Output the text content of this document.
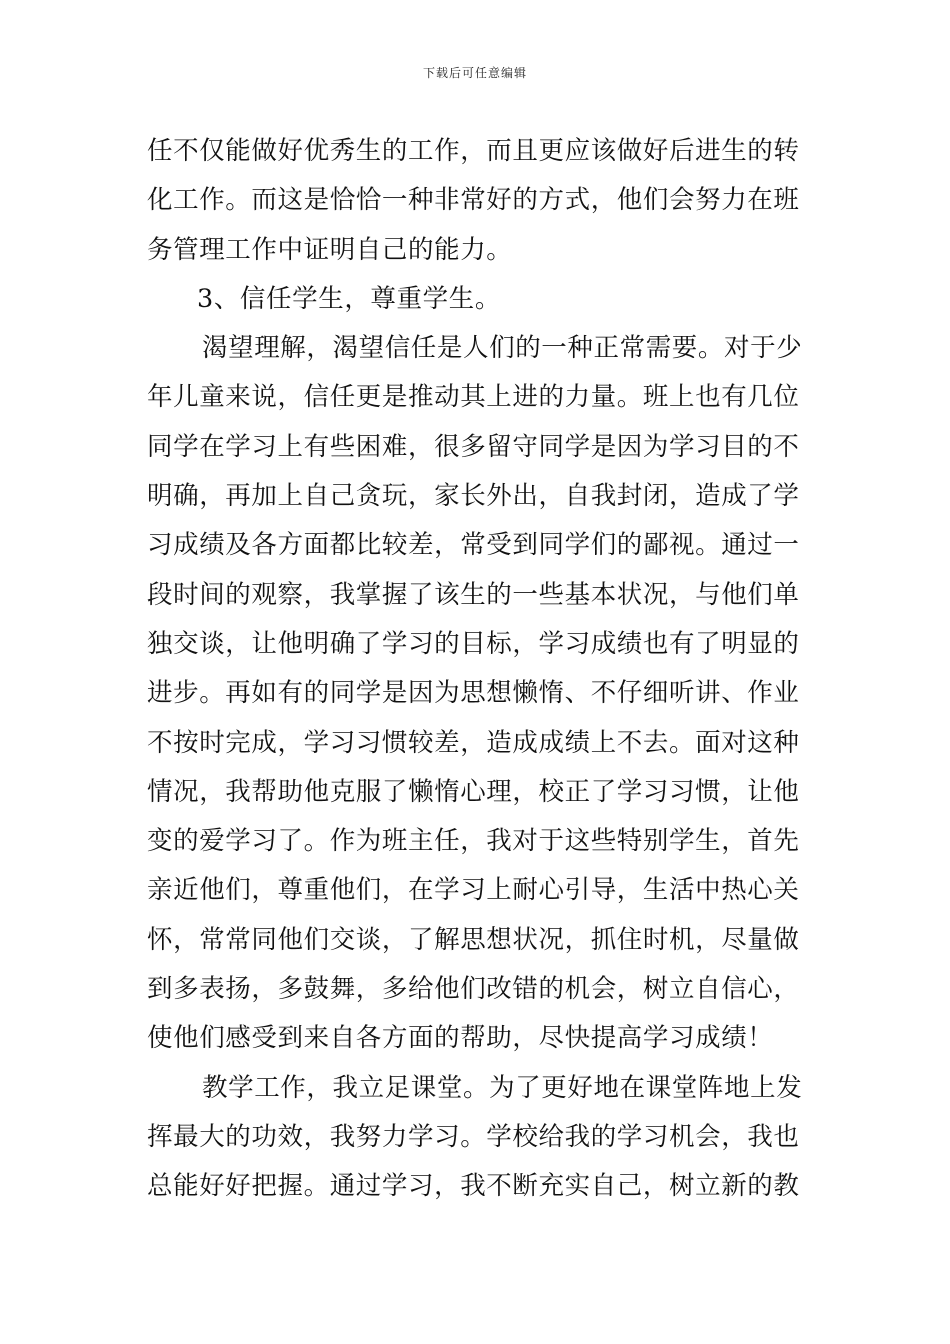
下载后可任意编辑
任不仅能做好优秀生的工作，而且更应该做好后进生的转
化工作。而这是恰恰一种非常好的方式，他们会努力在班
务管理工作中证明自己的能力。
3、信任学生，尊重学生。
渴望理解，渴望信任是人们的一种正常需要。对于少
年儿童来说，信任更是推动其上进的力量。班上也有几位
同学在学习上有些困难，很多留守同学是因为学习目的不
明确，再加上自己贪玩，家长外出，自我封闭，造成了学
习成绩及各方面都比较差，常受到同学们的鄙视。通过一
段时间的观察，我掌握了该生的一些基本状况，与他们单
独交谈，让他明确了学习的目标，学习成绩也有了明显的
进步。再如有的同学是因为思想懒惰、不仔细听讲、作业
不按时完成，学习习惯较差，造成成绩上不去。面对这种
情况，我帮助他克服了懒惰心理，校正了学习习惯，让他
变的爱学习了。作为班主任，我对于这些特别学生，首先
亲近他们，尊重他们，在学习上耐心引导，生活中热心关
怀，常常同他们交谈，了解思想状况，抓住时机，尽量做
到多表扬，多鼓舞，多给他们改错的机会，树立自信心，
使他们感受到来自各方面的帮助，尽快提高学习成绩！
教学工作，我立足课堂。为了更好地在课堂阵地上发
挥最大的功效，我努力学习。学校给我的学习机会，我也
总能好好把握。通过学习，我不断充实自己，树立新的教
